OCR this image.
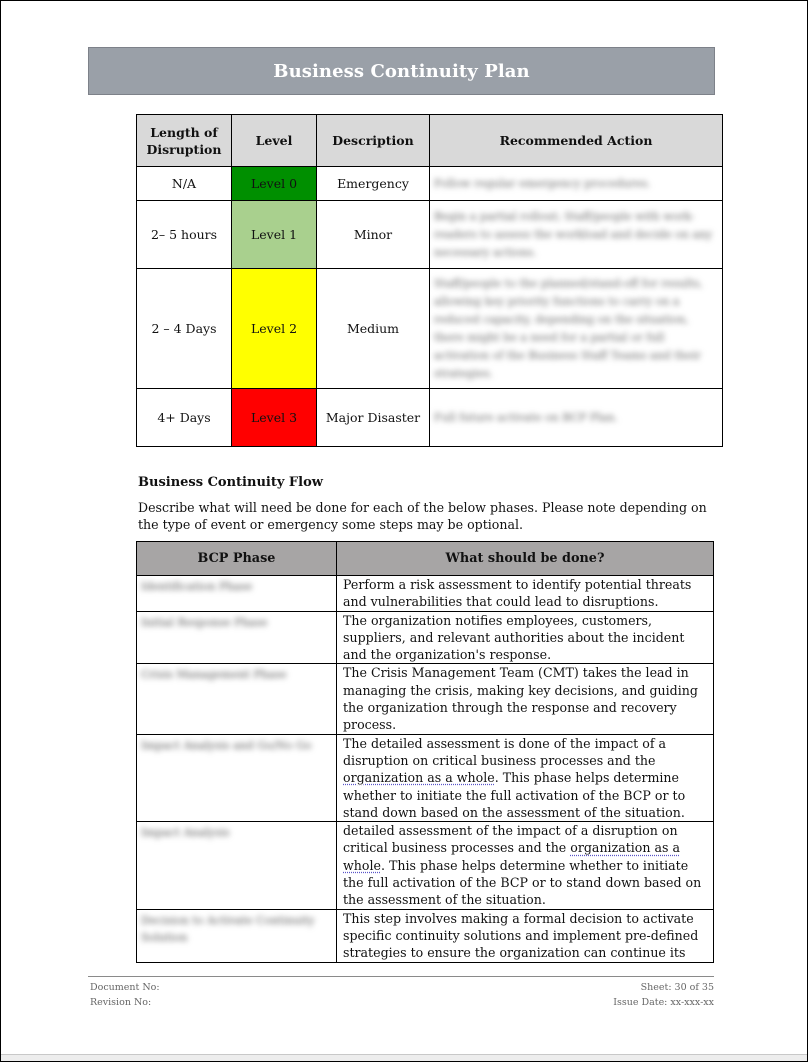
Business Continuity Plan
Length of Disruption	Level	Description	Recommended Action
N/A	Level 0	Emergency	Follow regular emergency procedures.

2– 5 hours	Level 1	Minor	Begin a partial rollout; Staff/people with work-readers to assess the workload and decide on any necessary actions.

2 – 4 Days	Level 2	Medium	Staff/people to the planned/stand-off for results, allowing key priority functions to carry on a reduced capacity, depending on the situation, there might be a need for a partial or full activation of the Business Staff Teams and their strategies.

4+ Days	Level 3	Major Disaster	Full future activate on BCP Plan.
Business Continuity Flow
Describe what will need be done for each of the below phases. Please note depending on the type of event or emergency some steps may be optional.
BCP Phase	What should be done?

Identification Phase	Perform a risk assessment to identify potential threats and vulnerabilities that could lead to disruptions.

Initial Response Phase	The organization notifies employees, customers, suppliers, and relevant authorities about the incident and the organization's response.

Crisis Management Phase	The Crisis Management Team (CMT) takes the lead in managing the crisis, making key decisions, and guiding the organization through the response and recovery process.

Impact Analysis and Go/No Go	The detailed assessment is done of the impact of a disruption on critical business processes and the organization as a whole. This phase helps determine whether to initiate the full activation of the BCP or to stand down based on the assessment of the situation.

Impact Analysis	detailed assessment of the impact of a disruption on critical business processes and the organization as a whole. This phase helps determine whether to initiate the full activation of the BCP or to stand down based on the assessment of the situation.

Decision to Activate Continuity Solution	This step involves making a formal decision to activate specific continuity solutions and implement pre-defined strategies to ensure the organization can continue its
Document No:
Revision No:
Sheet: 30 of 35
Issue Date: xx-xxx-xx
